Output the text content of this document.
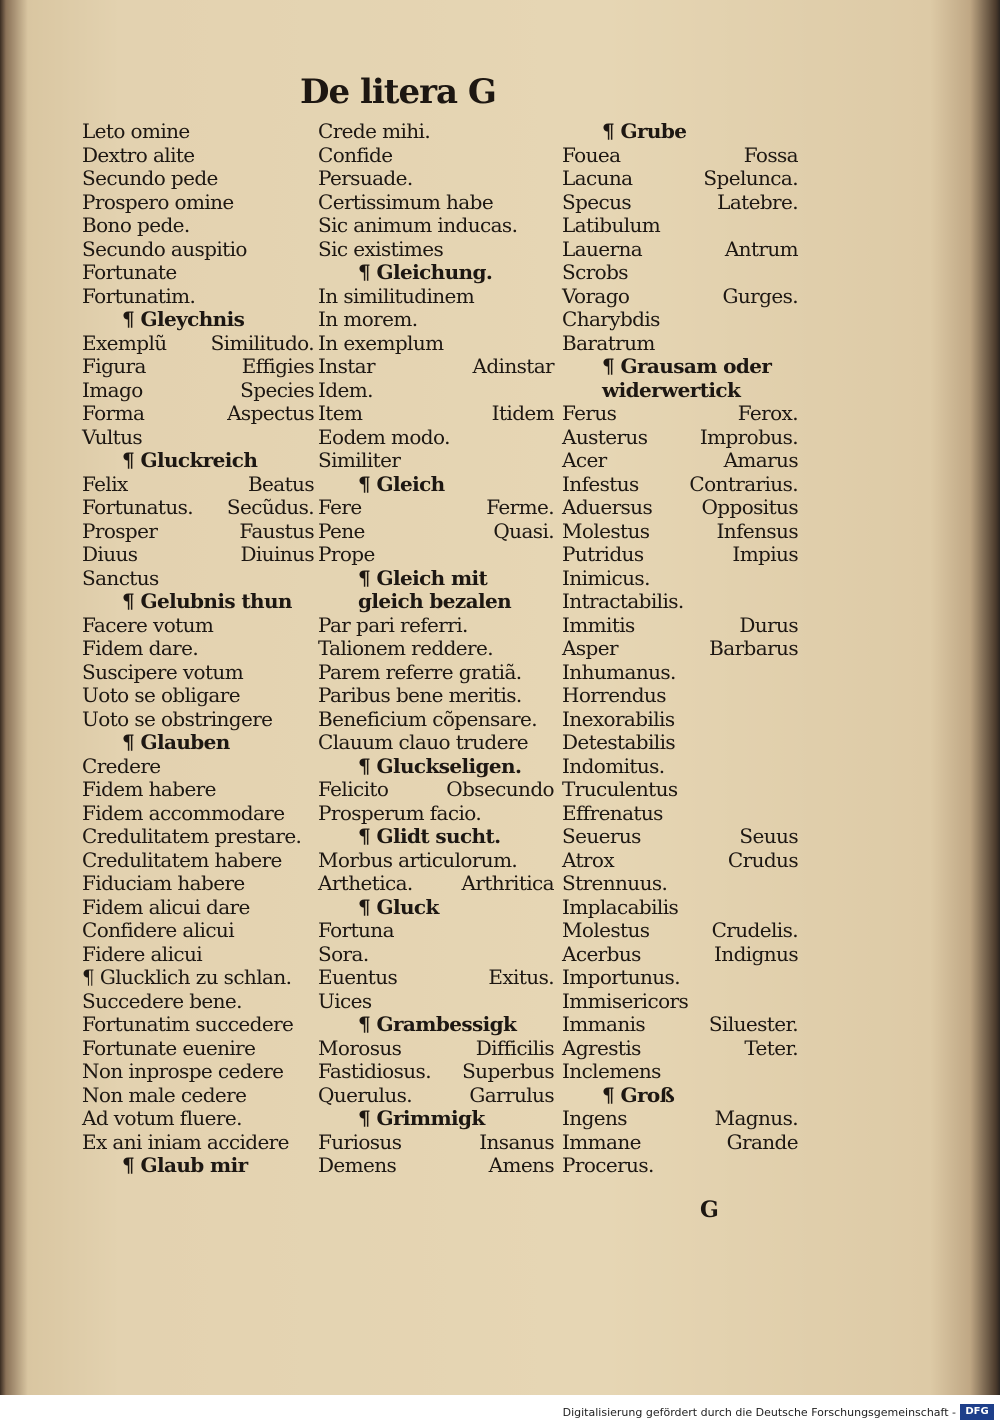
De litera G
Leto omine
Dextro alite
Secundo pede
Prospero omine
Bono pede.
Secundo auspitio
Fortunate
Fortunatim.
¶ Gleychnis
Exemplũ Similitudo.
Figura	Effigies
Imago	Species
Forma	Aspectus
Vultus
¶ Gluckreich
Felix	Beatus
Fortunatus. Secũdus.
Prosper	Faustus
Diuus	Diuinus
Sanctus
¶ Gelubnis thun
Facere votum
Fidem dare.
Suscipere votum
Uoto se obligare
Uoto se obstringere
¶ Glauben
Credere
Fidem habere
Fidem accommodare
Credulitatem prestare.
Credulitatem habere
Fiduciam habere
Fidem alicui dare
Confidere alicui
Fidere alicui
¶ Glucklich zu schlan.
Succedere bene.
Fortunatim succedere
Fortunate euenire
Non inprospe cedere
Non male cedere
Ad votum fluere.
Ex ani iniam accidere
¶ Glaub mir
Crede mihi.
Confide
Persuade.
Certissimum habe
Sic animum inducas.
Sic existimes
¶ Gleichung.
In similitudinem
In morem.
In exemplum
Instar	Adinstar
Idem.
Item	Itidem
Eodem modo.
Similiter
¶ Gleich
Fere	Ferme.
Pene	Quasi.
Prope
¶ Gleich mit
gleich bezalen
Par pari referri.
Talionem reddere.
Parem referre gratiã.
Paribus bene meritis.
Beneficium cõpensare.
Clauum clauo trudere
¶ Gluckseligen.
Felicito	Obsecundo
Prosperum facio.
¶ Glidt sucht.
Morbus articulorum.
Arthetica. Arthritica
¶ Gluck
Fortuna
Sora.
Euentus	Exitus.
Uices
¶ Grambessigk
Morosus	Difficilis
Fastidiosus. Superbus
Querulus.	Garrulus
¶ Grimmigk
Furiosus	Insanus
Demens	Amens
¶ Grube
Fouea	Fossa
Lacuna	Spelunca.
Specus	Latebre.
Latibulum
Lauerna	Antrum
Scrobs
Vorago	Gurges.
Charybdis
Baratrum
¶ Grausam oder
widerwertick
Ferus	Ferox.
Austerus	Improbus.
Acer	Amarus
Infestus	Contrarius.
Aduersus Oppositus
Molestus	Infensus
Putridus	Impius
Inimicus.
Intractabilis.
Immitis	Durus
Asper	Barbarus
Inhumanus.
Horrendus
Inexorabilis
Detestabilis
Indomitus.
Truculentus
Effrenatus
Seuerus	Seuus
Atrox	Crudus
Strennuus.
Implacabilis
Molestus	Crudelis.
Acerbus	Indignus
Importunus.
Immisericors
Immanis	Siluester.
Agrestis	Teter.
Inclemens
¶ Groß
Ingens	Magnus.
Immane	Grande
Procerus.
G
Digitalisierung gefördert durch die Deutsche Forschungsgemeinschaft - DFG
